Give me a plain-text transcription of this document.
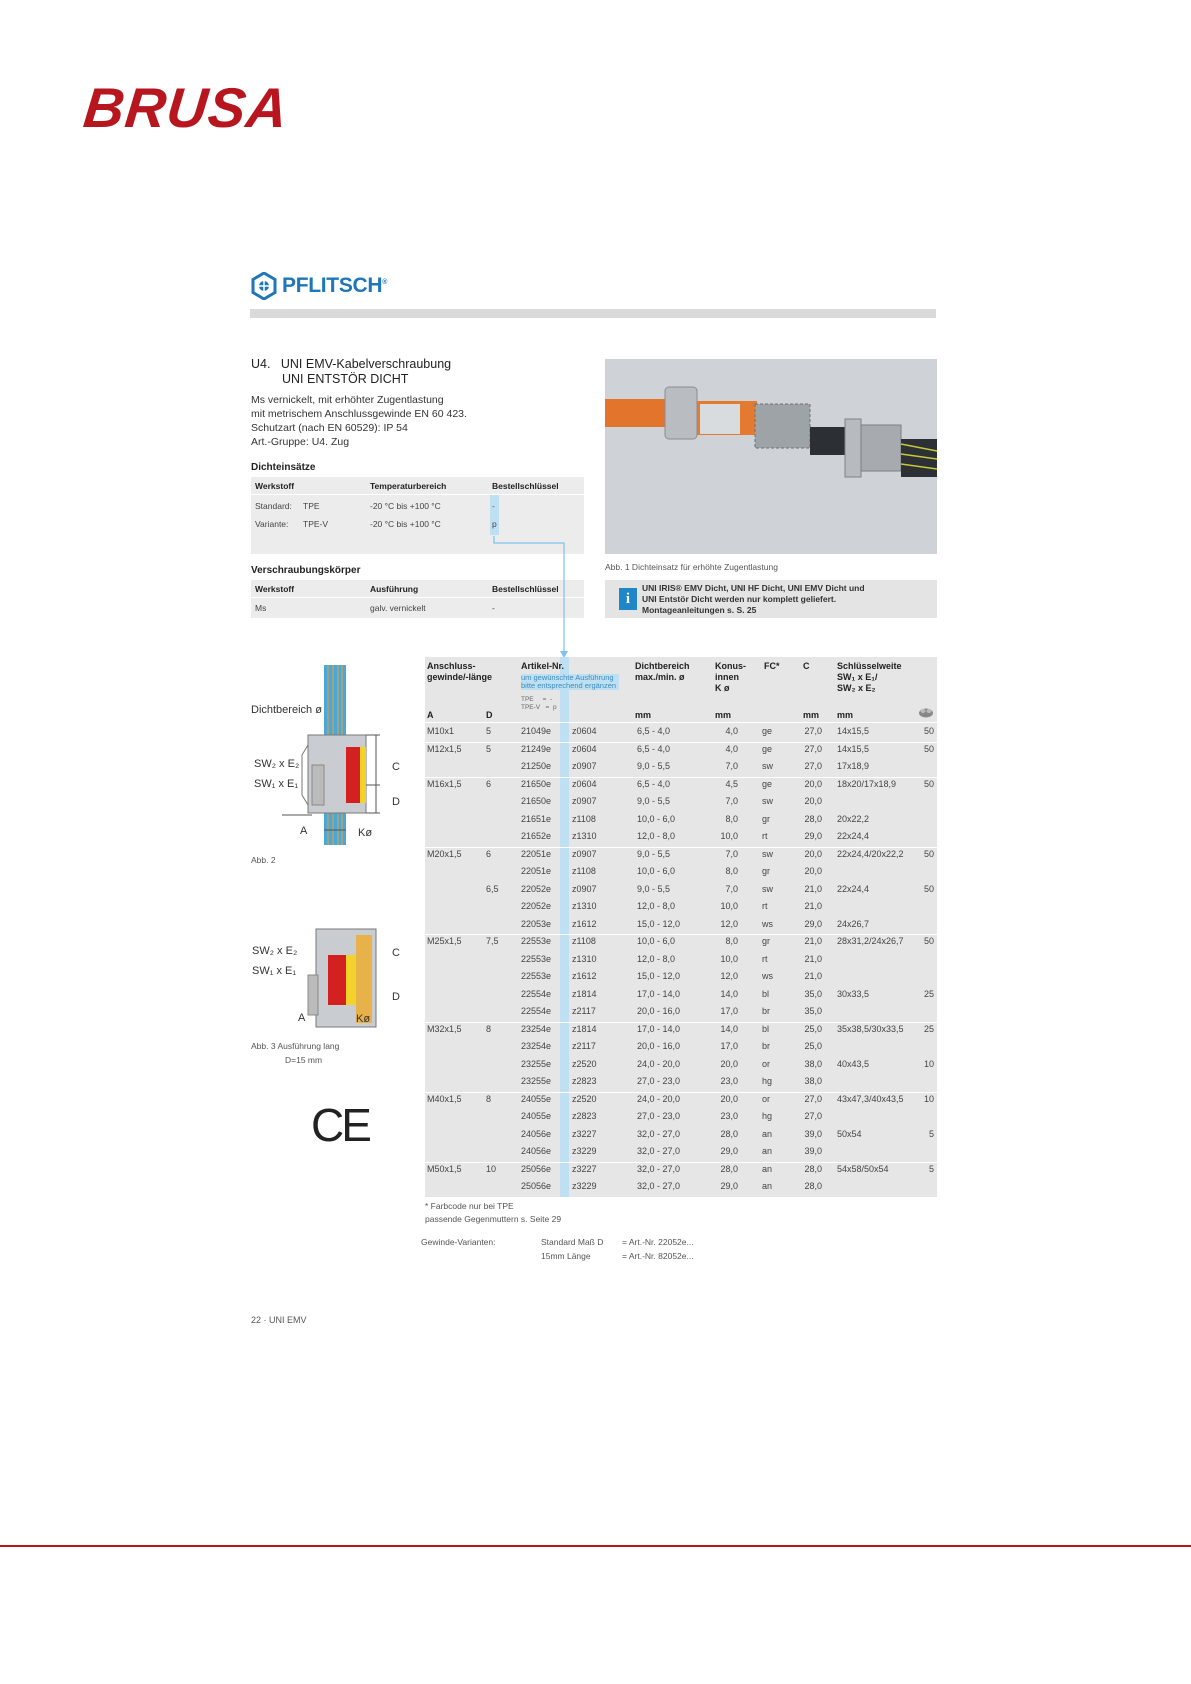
BRUSA
PFLITSCH®
U4. UNI EMV-Kabelverschraubung
UNI ENTSTÖR DICHT
Ms vernickelt, mit erhöhter Zugentlastung
mit metrischem Anschlussgewinde EN 60 423.
Schutzart (nach EN 60529): IP 54
Art.-Gruppe: U4. Zug
Dichteinsätze
Werkstoff	Temperaturbereich	Bestellschlüssel
Standard: TPE	-20 °C bis +100 °C	-
Variante: TPE-V	-20 °C bis +100 °C	p
Verschraubungskörper
Werkstoff	Ausführung	Bestellschlüssel
Ms	galv. vernickelt	-
Abb. 1 Dichteinsatz für erhöhte Zugentlastung
i
UNI IRIS® EMV Dicht, UNI HF Dicht, UNI EMV Dicht und
UNI Entstör Dicht werden nur komplett geliefert.
Montageanleitungen s. S. 25
Dichtbereich ø
SW₂ x E₂
SW₁ x E₁
C
D
A	Kø
Abb. 2
SW₂ x E₂
SW₁ x E₁
C
D
A	Kø
Abb. 3 Ausführung lang
D=15 mm
CE
Anschluss-
gewinde/-länge
Artikel-Nr.
um gewünschte Ausführung
bitte entsprechend ergänzen
TPE     =  -
TPE-V   =  p
Dichtbereich
max./min. ø
Konus-
innen
K ø
FC*	C	Schlüsselweite
SW₁ x E₁/
SW₂ x E₂
A	D	mm	mm	mm mm
M10x1	5	21049e z0604	6,5 - 4,0	4,0	ge	27,0 14x15,5	50
M12x1,5	5	21249e z0604	6,5 - 4,0	4,0	ge	27,0 14x15,5	50
21250e z0907	9,0 - 5,5	7,0	sw	27,0 17x18,9
M16x1,5	6	21650e z0604	6,5 - 4,0	4,5	ge	20,0 18x20/17x18,9	50
21650e z0907	9,0 - 5,5	7,0	sw	20,0
21651e z1108	10,0 - 6,0	8,0	gr	28,0 20x22,2
21652e z1310	12,0 - 8,0	10,0	rt	29,0 22x24,4
M20x1,5	6	22051e z0907	9,0 - 5,5	7,0	sw	20,0 22x24,4/20x22,2	50
22051e z1108	10,0 - 6,0	8,0	gr	20,0
6,5 22052e z0907	9,0 - 5,5	7,0	sw	21,0 22x24,4	50
22052e z1310	12,0 - 8,0	10,0	rt	21,0
22053e z1612	15,0 - 12,0	12,0	ws	29,0 24x26,7
M25x1,5	7,5 22553e z1108	10,0 - 6,0	8,0	gr	21,0 28x31,2/24x26,7	50
22553e z1310	12,0 - 8,0	10,0	rt	21,0
22553e z1612	15,0 - 12,0	12,0	ws	21,0
22554e z1814	17,0 - 14,0	14,0	bl	35,0 30x33,5	25
22554e z2117	20,0 - 16,0	17,0	br	35,0
M32x1,5	8	23254e z1814	17,0 - 14,0	14,0	bl	25,0 35x38,5/30x33,5	25
23254e z2117	20,0 - 16,0	17,0	br	25,0
23255e z2520	24,0 - 20,0	20,0	or	38,0 40x43,5	10
23255e z2823	27,0 - 23,0	23,0	hg	38,0
M40x1,5	8	24055e z2520	24,0 - 20,0	20,0	or	27,0 43x47,3/40x43,5	10
24055e z2823	27,0 - 23,0	23,0	hg	27,0
24056e z3227	32,0 - 27,0	28,0	an	39,0 50x54	5
24056e z3229	32,0 - 27,0	29,0	an	39,0
M50x1,5	10	25056e z3227	32,0 - 27,0	28,0	an	28,0 54x58/50x54	5
25056e z3229	32,0 - 27,0	29,0	an	28,0
* Farbcode nur bei TPE
passende Gegenmuttern s. Seite 29
Gewinde-Varianten:	Standard Maß D = Art.-Nr. 22052e...
15mm Länge	= Art.-Nr. 82052e...
22 · UNI EMV
